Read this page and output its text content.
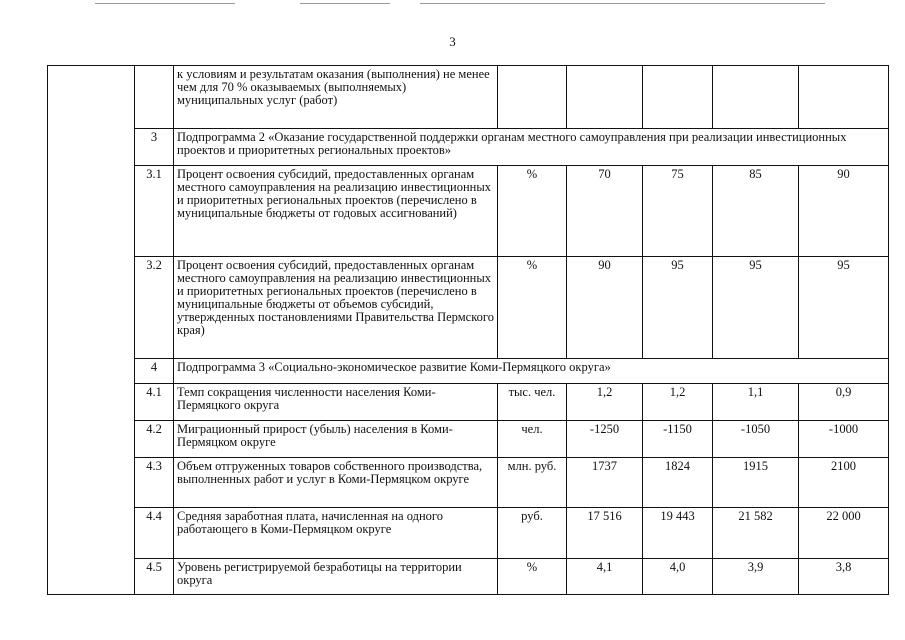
3
		к условиям и результатам оказания (выполнения) не менее чем для 70 % оказываемых (выполняемых) муниципальных услуг (работ)					
	3	Подпрограмма 2 «Оказание государственной поддержки органам местного самоуправления при реализации инвестиционных проектов и приоритетных региональных проектов»					
	3.1	Процент освоения субсидий, предоставленных органам местного самоуправления на реализацию инвестиционных и приоритетных региональных проектов (перечислено в муниципальные бюджеты от годовых ассигнований)	%	70	75	85	90
	3.2	Процент освоения субсидий, предоставленных органам местного самоуправления на реализацию инвестиционных и приоритетных региональных проектов (перечислено в муниципальные бюджеты от объемов субсидий, утвержденных постановлениями Правительства Пермского края)	%	90	95	95	95
	4	Подпрограмма 3 «Социально-экономическое развитие Коми-Пермяцкого округа»					
	4.1	Темп сокращения численности населения Коми-Пермяцкого округа	тыс. чел.	1,2	1,2	1,1	0,9
	4.2	Миграционный прирост (убыль) населения в Коми-Пермяцком округе	чел.	-1250	-1150	-1050	-1000
	4.3	Объем отгруженных товаров собственного производства, выполненных работ и услуг в Коми-Пермяцком округе	млн. руб.	1737	1824	1915	2100
	4.4	Средняя заработная плата, начисленная на одного работающего в Коми-Пермяцком округе	руб.	17 516	19 443	21 582	22 000
	4.5	Уровень регистрируемой безработицы на территории округа	%	4,1	4,0	3,9	3,8
